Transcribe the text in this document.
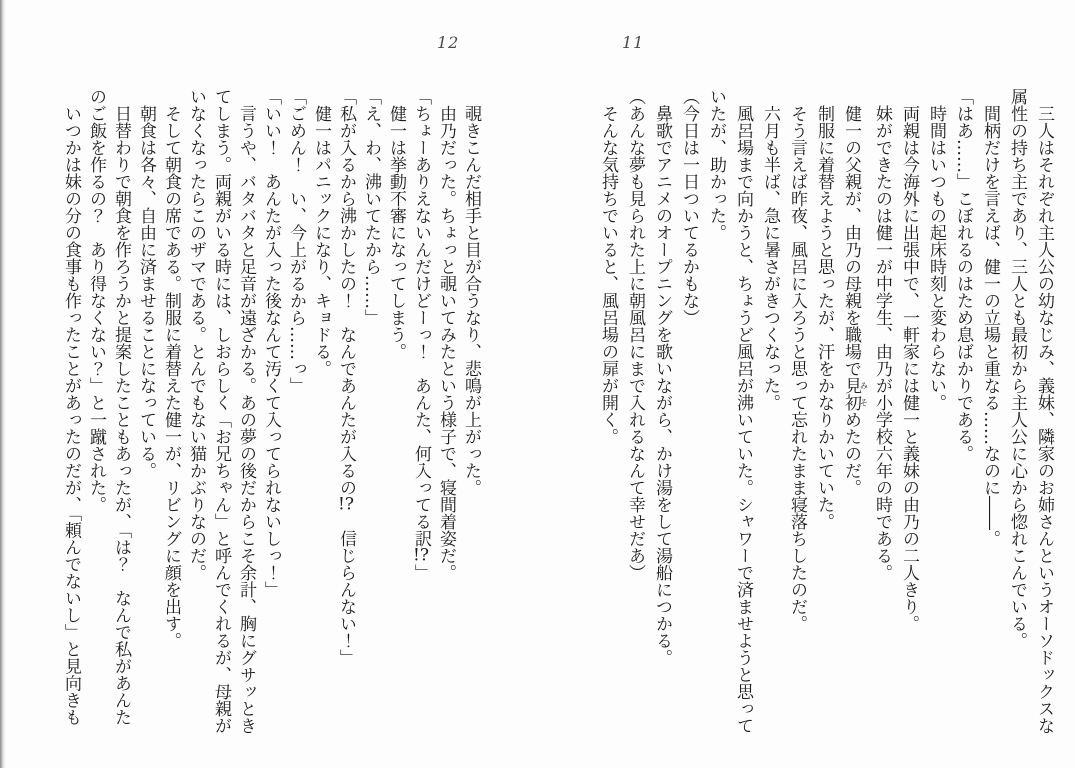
12
覗きこんだ相手と目が合うなり、悲鳴が上がった。
由乃だった。ちょっと覗いてみたという様子で、寝間着姿だ。
「ちょーありえないんだけどーっ！　あんた、何入ってる訳!?」
健一は挙動不審になってしまう。
「え、わ、沸いてたから……」
「私が入るから沸かしたの！　なんであんたが入るの!?　信じらんない！」
健一はパニックになり、キョドる。
「ごめん！　い、今上がるから……っ」
「いい！　あんたが入った後なんて汚くて入ってられないしっ！」
言うや、バタバタと足音が遠ざかる。あの夢の後だからこそ余計、胸にグサッとき
てしまう。両親がいる時には、しおらしく「お兄ちゃん」と呼んでくれるが、母親が
いなくなったらこのザマである。とんでもない猫かぶりなのだ。
そして朝食の席である。制服に着替えた健一が、リビングに顔を出す。
朝食は各々、自由に済ませることになっている。
日替わりで朝食を作ろうかと提案したこともあったが、「は？　なんで私があんた
のご飯を作るの？　あり得なくない？」と一蹴された。
いつかは妹の分の食事も作ったことがあったのだが、「頼んでないし」と見向きも
11
三人はそれぞれ主人公の幼なじみ、義妹、隣家のお姉さんというオーソドックスな
属性の持ち主であり、三人とも最初から主人公に心から惚れこんでいる。
間柄だけを言えば、健一の立場と重なる……なのに――。
「はあ……」こぼれるのはため息ばかりである。
時間はいつもの起床時刻と変わらない。
両親は今海外に出張中で、一軒家には健一と義妹の由乃の二人きり。
妹ができたのは健一が中学生、由乃が小学校六年の時である。
健一の父親が、由乃の母親を職場で見初みそめたのだ。
制服に着替えようと思ったが、汗をかなりかいていた。
そう言えば昨夜、風呂に入ろうと思って忘れたまま寝落ちしたのだ。
六月も半ば、急に暑さがきつくなった。
風呂場まで向かうと、ちょうど風呂が沸いていた。シャワーで済ませようと思って
いたが、助かった。
（今日は一日ついてるかもな）
鼻歌でアニメのオープニングを歌いながら、かけ湯をして湯船につかる。
（あんな夢も見られた上に朝風呂にまで入れるなんて幸せだあ）
そんな気持ちでいると、風呂場の扉が開く。
